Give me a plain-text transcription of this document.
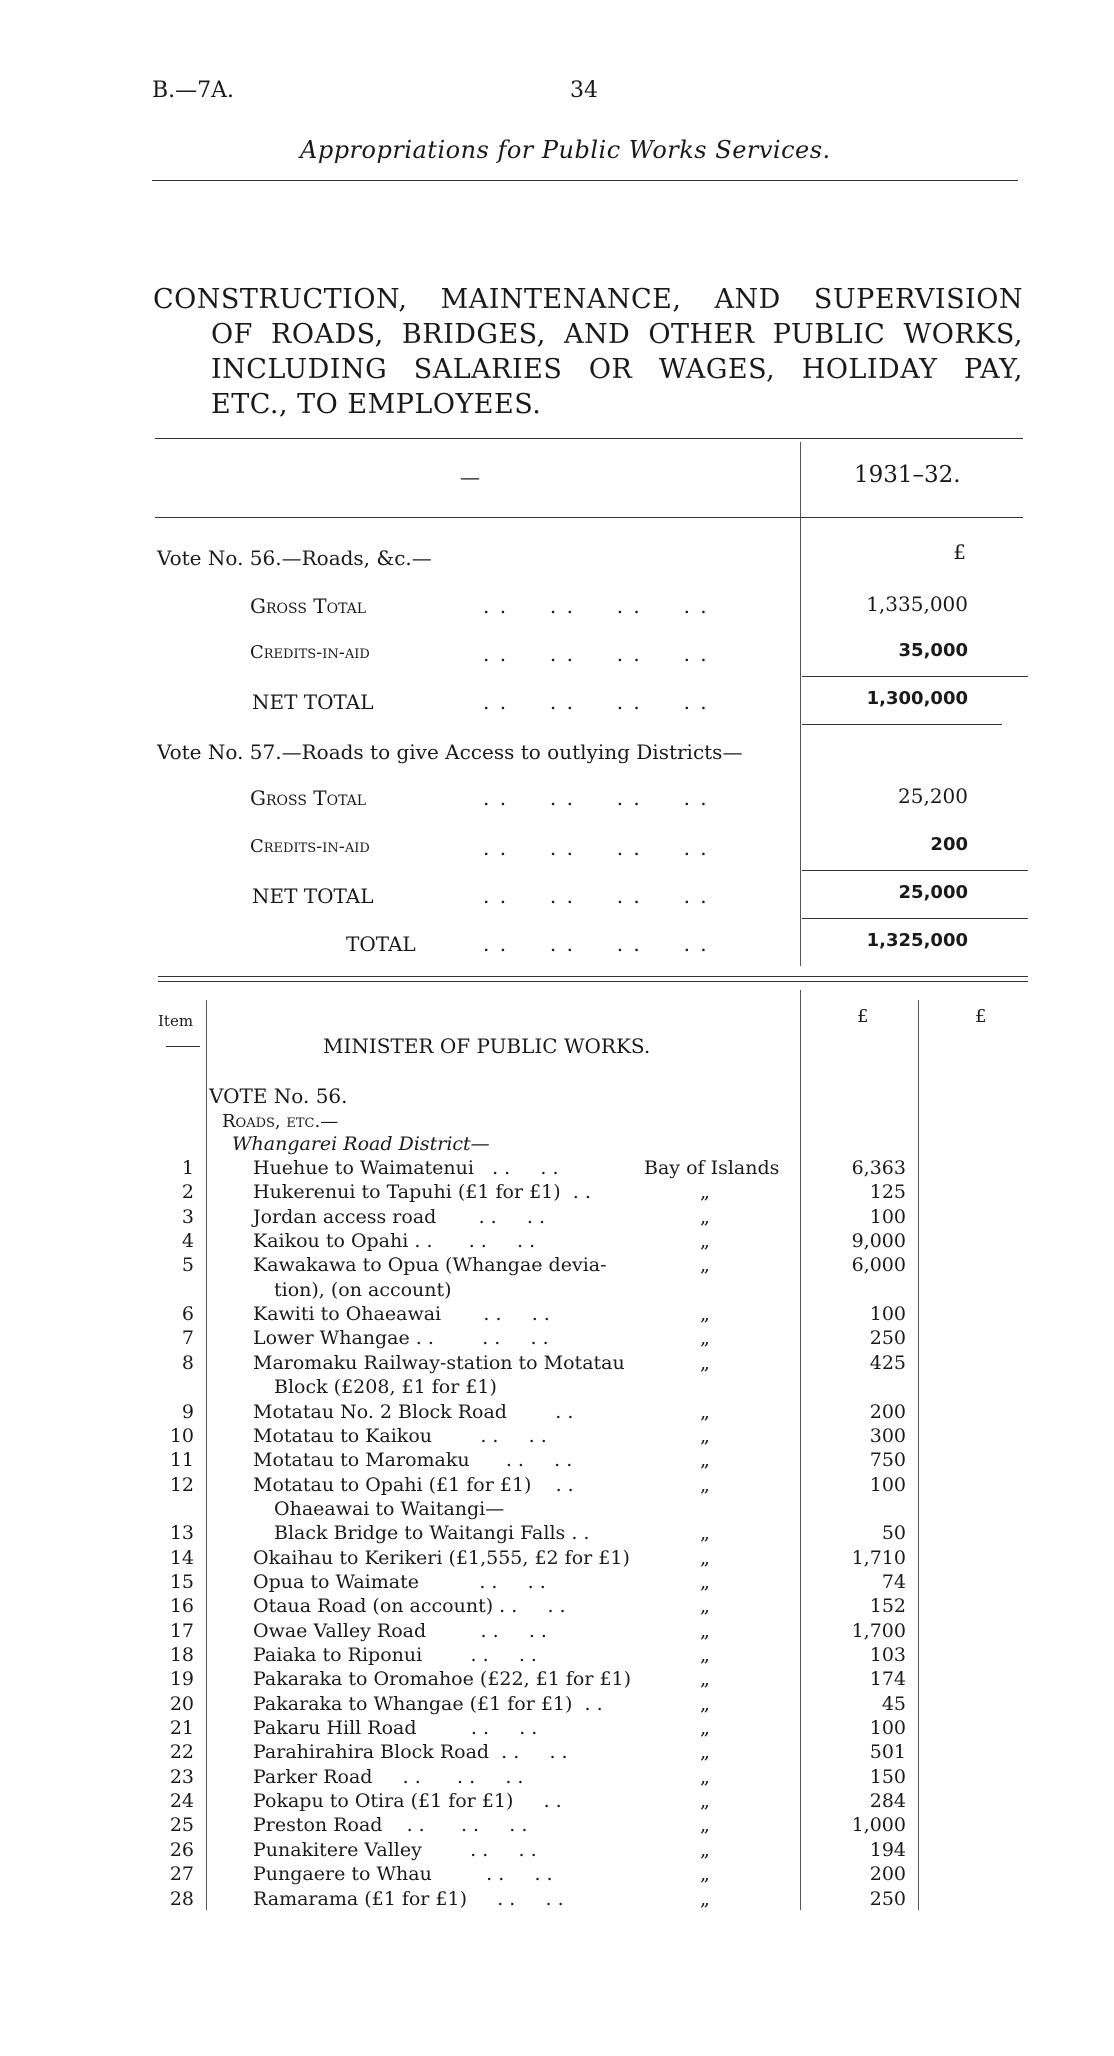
B.—7A.	34
Appropriations for Public Works Services.
CONSTRUCTION, MAINTENANCE, AND SUPERVISION
OF ROADS, BRIDGES, AND OTHER PUBLIC WORKS,
INCLUDING SALARIES OR WAGES, HOLIDAY PAY,
ETC., TO EMPLOYEES.
—	1931–32.
£
Vote No. 56.—Roads, &c.—
Gross Total	. .     . .     . .     . .	1,335,000
Credits-in-aid	. .     . .     . .     . .	35,000
NET TOTAL	. .     . .     . .     . .	1,300,000
Vote No. 57.—Roads to give Access to outlying Districts—
Gross Total	. .     . .     . .     . .	25,200
Credits-in-aid	. .     . .     . .     . .	200
NET TOTAL	. .     . .     . .     . .	25,000
TOTAL	. .     . .     . .     . .	1,325,000
Item	£	£
MINISTER OF PUBLIC WORKS.
VOTE No. 56.
Roads, etc.—
Whangarei Road District—
1	Huehue to Waimatenui   . .     . .	Bay of Islands	6,363
2	Hukerenui to Tapuhi (£1 for £1)  . .	„	125
3	Jordan access road       . .     . .	„	100
4	Kaikou to Opahi . .      . .     . .	„	9,000
5	Kawakawa to Opua (Whangae devia-	„	6,000
tion), (on account)
6	Kawiti to Ohaeawai       . .     . .	„	100
7	Lower Whangae . .        . .     . .	„	250
8	Maromaku Railway-station to Motatau	„	425
Block (£208, £1 for £1)
9	Motatau No. 2 Block Road        . .	„	200
10	Motatau to Kaikou        . .     . .	„	300
11	Motatau to Maromaku      . .     . .	„	750
12	Motatau to Opahi (£1 for £1)    . .	„	100
Ohaeawai to Waitangi—
13	Black Bridge to Waitangi Falls . .	„	50
14	Okaihau to Kerikeri (£1,555, £2 for £1)	„	1,710
15	Opua to Waimate          . .     . .	„	74
16	Otaua Road (on account) . .     . .	„	152
17	Owae Valley Road         . .     . .	„	1,700
18	Paiaka to Riponui        . .     . .	„	103
19	Pakaraka to Oromahoe (£22, £1 for £1)	„	174
20	Pakaraka to Whangae (£1 for £1)  . .	„	45
21	Pakaru Hill Road         . .     . .	„	100
22	Parahirahira Block Road  . .     . .	„	501
23	Parker Road     . .      . .     . .	„	150
24	Pokapu to Otira (£1 for £1)     . .	„	284
25	Preston Road    . .      . .     . .	„	1,000
26	Punakitere Valley        . .     . .	„	194
27	Pungaere to Whau         . .     . .	„	200
28	Ramarama (£1 for £1)     . .     . .	„	250
